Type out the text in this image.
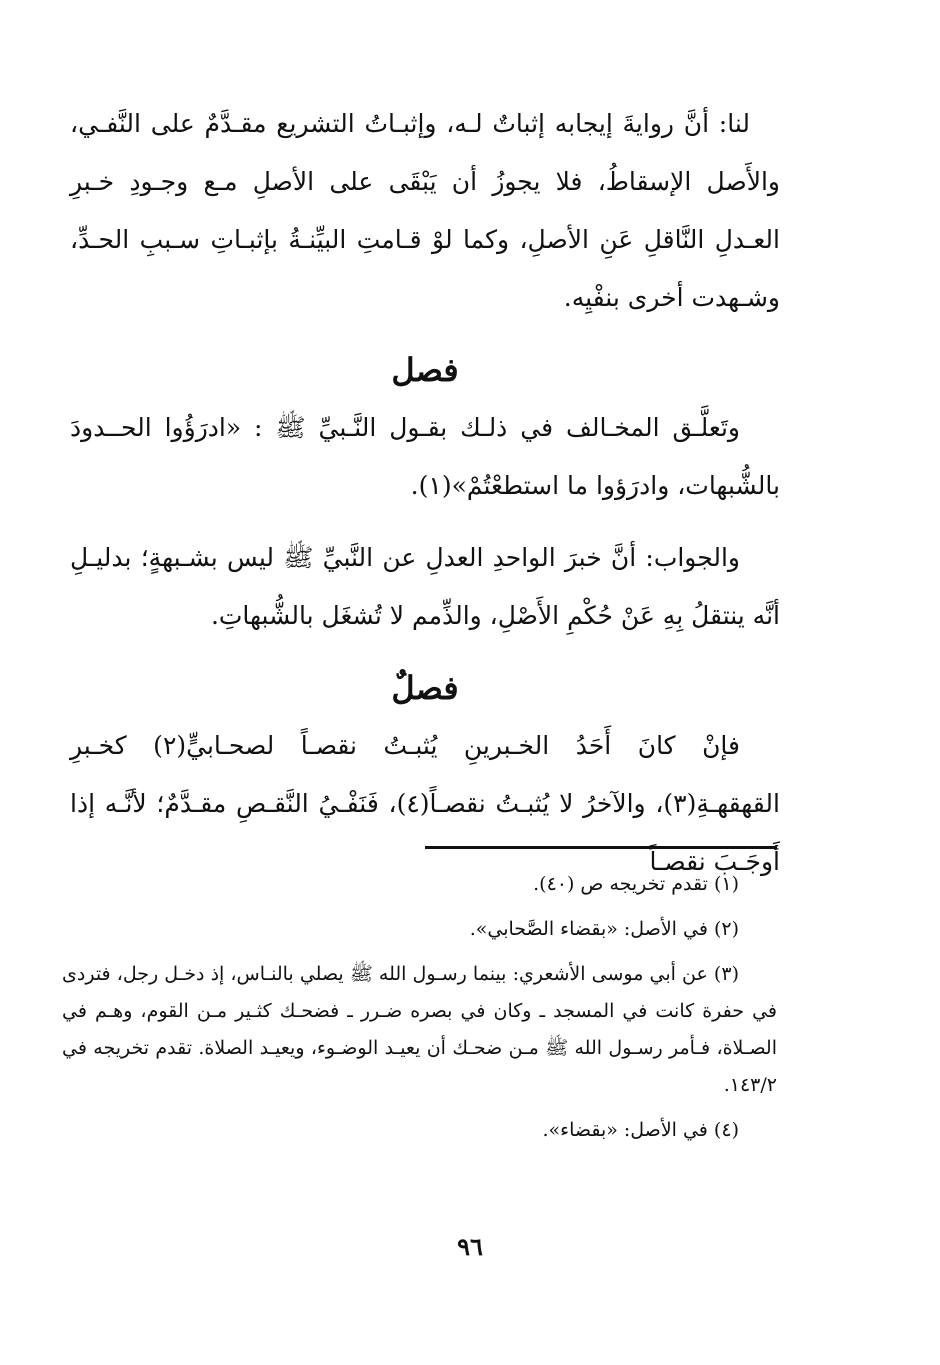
لنا: أنَّ روايةَ إيجابه إثباتٌ لـه، وإثبـاتُ التشريع مقـدَّمٌ على النَّفـي، والأَصل الإسقاطُ، فلا يجوزُ أن يَبْقَى على الأصلِ مـع وجـودِ خـبرِ العـدلِ النَّاقلِ عَنِ الأصلِ، وكما لوْ قـامتِ البيِّنـةُ بإثبـاتِ سـببِ الحـدِّ، وشـهدت أخرى بنفْيِه.

فصل

وتَعلَّـق المخـالف في ذلـك بقـول النَّـبيِّ ﷺ : «ادرَؤُوا الحــدودَ بالشُّبهات، وادرَؤوا ما استطعْتُمْ»(١).

والجواب: أنَّ خبرَ الواحدِ العدلِ عن النَّبيِّ ﷺ ليس بشـبهةٍ؛ بدليـلِ أنَّه ينتقلُ بِهِ عَنْ حُكْمِ الأَصْلِ، والذِّمم لا تُشغَل بالشُّبهاتِ.

فصلٌ

فإنْ كانَ أَحَدُ الخـبرينِ يُثبـتُ نقصـاً لصحـابيٍّ(٢) كخـبرِ القهقهـةِ(٣)، والآخرُ لا يُثبـتُ نقصـاً(٤)، فَنَفْـيُ النَّقـصِ مقـدَّمٌ؛ لأنَّـه إذا أَوجَـبَ نقصـاً

(١) تقدم تخريجه ص (٤٠).

(٢) في الأصل: «بقضاء الصَّحابي».

(٣) عن أبي موسى الأشعري: بينما رسـول الله ﷺ يصلي بالنـاس، إذ دخـل رجل، فتردى في حفرة كانت في المسجد ـ وكان في بصره ضـرر ـ فضحـك كثـير مـن القوم، وهـم في الصـلاة، فـأمر رسـول الله ﷺ مـن ضحـك أن يعيـد الوضـوء، ويعيـد الصلاة. تقدم تخريجه في ١٤٣/٢.

(٤) في الأصل: «بقضاء».

٩٦
